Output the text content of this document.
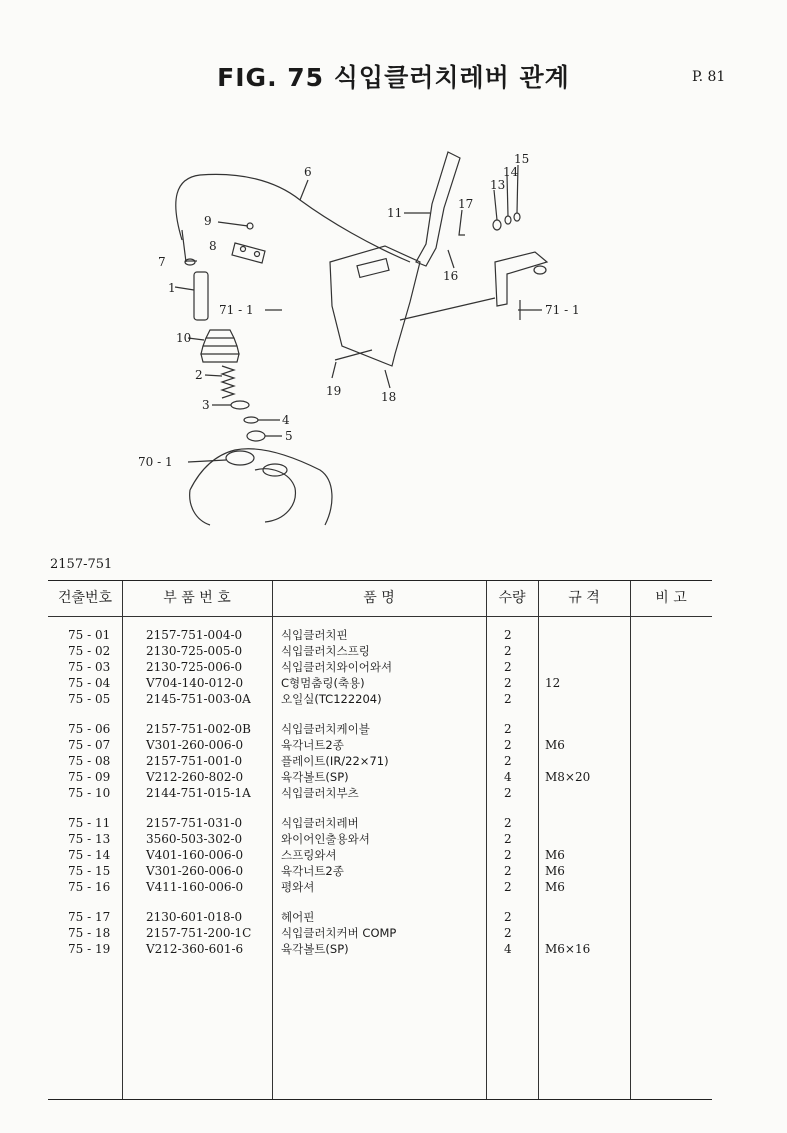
FIG. 75 식입클러치레버 관계	P. 81
6
11
13
14
15
17
16
9
8
7
1
71 - 1
10
2
3
4
5
70 - 1
71 - 1
19	18
2157-751
건출번호	부 품 번 호	품 명	수량	규 격	비 고
75 - 01	2157-751-004-0	식입클러치핀	2
75 - 02	2130-725-005-0	식입클러치스프링	2
75 - 03	2130-725-006-0	식입클러치와이어와셔	2
75 - 04	V704-140-012-0	C형멈춤링(축용)	2	12
75 - 05	2145-751-003-0A	오일실(TC122204)	2
75 - 06	2157-751-002-0B	식입클러치케이블	2
75 - 07	V301-260-006-0	육각너트2종	2	M6
75 - 08	2157-751-001-0	플레이트(IR/22×71)	2
75 - 09	V212-260-802-0	육각볼트(SP)	4	M8×20
75 - 10	2144-751-015-1A	식입클러치부츠	2
75 - 11	2157-751-031-0	식입클러치레버	2
75 - 13	3560-503-302-0	와이어인출용와셔	2
75 - 14	V401-160-006-0	스프링와셔	2	M6
75 - 15	V301-260-006-0	육각너트2종	2	M6
75 - 16	V411-160-006-0	평와셔	2	M6
75 - 17	2130-601-018-0	헤어핀	2
75 - 18	2157-751-200-1C	식입클러치커버 COMP	2
75 - 19	V212-360-601-6	육각볼트(SP)	4	M6×16
